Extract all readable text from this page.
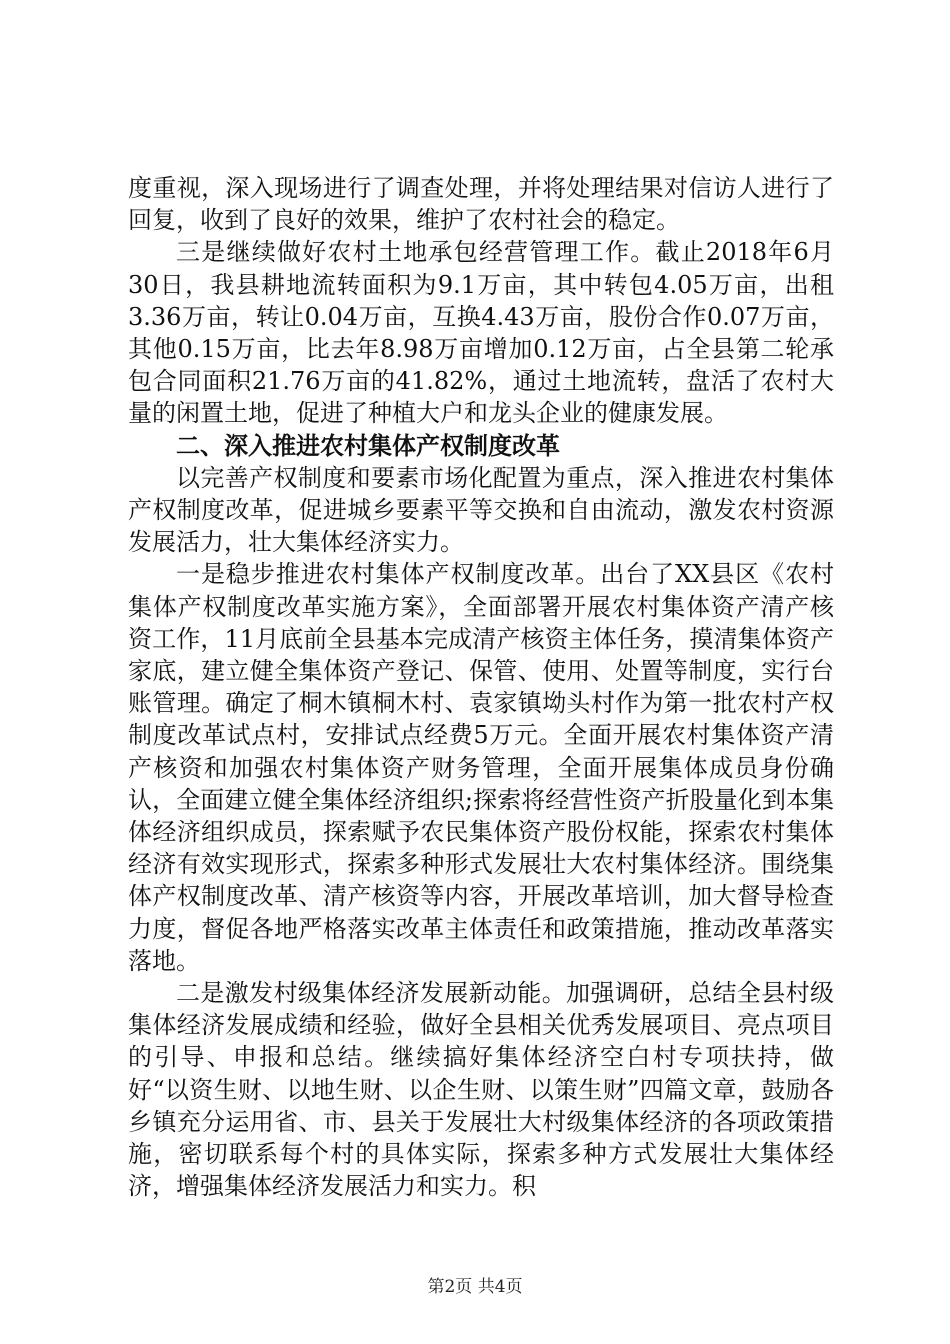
度重视，深入现场进行了调查处理，并将处理结果对信访人进行了回复，收到了良好的效果，维护了农村社会的稳定。

三是继续做好农村土地承包经营管理工作。截止2018年6月30日，我县耕地流转面积为9.1万亩，其中转包4.05万亩，出租3.36万亩，转让0.04万亩，互换4.43万亩，股份合作0.07万亩，其他0.15万亩，比去年8.98万亩增加0.12万亩，占全县第二轮承包合同面积21.76万亩的41.82%，通过土地流转，盘活了农村大量的闲置土地，促进了种植大户和龙头企业的健康发展。

二、深入推进农村集体产权制度改革

以完善产权制度和要素市场化配置为重点，深入推进农村集体产权制度改革，促进城乡要素平等交换和自由流动，激发农村资源发展活力，壮大集体经济实力。

一是稳步推进农村集体产权制度改革。出台了XX县区《农村集体产权制度改革实施方案》，全面部署开展农村集体资产清产核资工作，11月底前全县基本完成清产核资主体任务，摸清集体资产家底，建立健全集体资产登记、保管、使用、处置等制度，实行台账管理。确定了桐木镇桐木村、袁家镇坳头村作为第一批农村产权制度改革试点村，安排试点经费5万元。全面开展农村集体资产清产核资和加强农村集体资产财务管理，全面开展集体成员身份确认，全面建立健全集体经济组织;探索将经营性资产折股量化到本集体经济组织成员，探索赋予农民集体资产股份权能，探索农村集体经济有效实现形式，探索多种形式发展壮大农村集体经济。围绕集体产权制度改革、清产核资等内容，开展改革培训，加大督导检查力度，督促各地严格落实改革主体责任和政策措施，推动改革落实落地。

二是激发村级集体经济发展新动能。加强调研，总结全县村级集体经济发展成绩和经验，做好全县相关优秀发展项目、亮点项目的引导、申报和总结。继续搞好集体经济空白村专项扶持，做好“以资生财、以地生财、以企生财、以策生财”四篇文章，鼓励各乡镇充分运用省、市、县关于发展壮大村级集体经济的各项政策措施，密切联系每个村的具体实际，探索多种方式发展壮大集体经济，增强集体经济发展活力和实力。积

第2页 共4页
